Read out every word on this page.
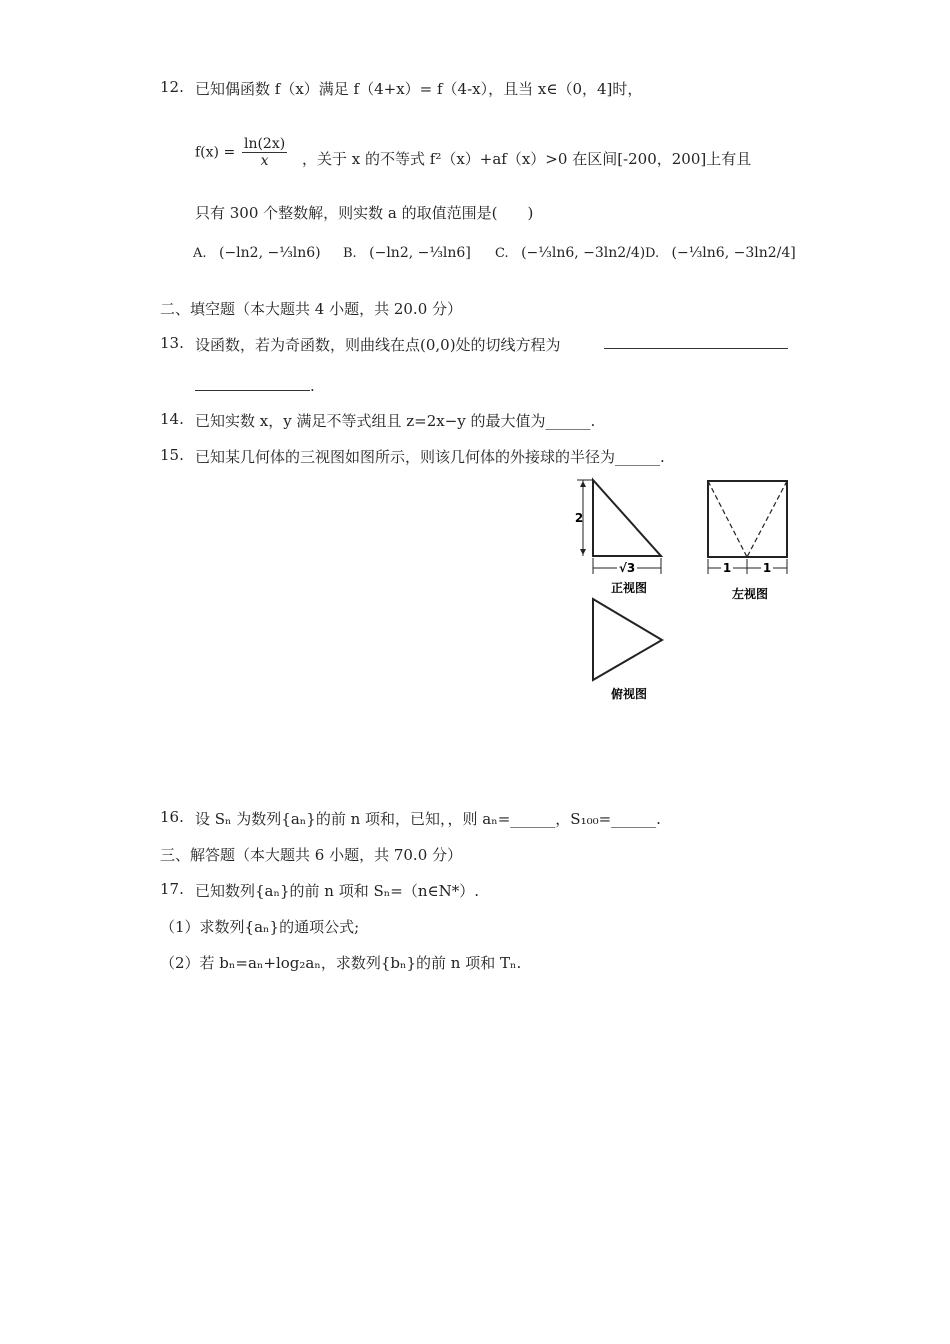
12. 已知偶函数 f（x）满足 f（4+x）= f（4-x），且当 x∈（0，4]时，
$f(x) = \frac{\ln(2x)}{x}$ ，关于 x 的不等式 f²（x）+af（x）>0 在区间[-200，200]上有且
只有 300 个整数解，则实数 a 的取值范围是(　　)
A. (−ln2, −⅓ln6) B. (−ln2, −⅓ln6] C. (−⅓ln6, −3ln2/4) D. (−⅓ln6, −3ln2/4]
二、填空题（本大题共 4 小题，共 20.0 分）
13. 设函数，若为奇函数，则曲线在点(0,0)处的切线方程为
.
14. 已知实数 x，y 满足不等式组且 z=2x−y 的最大值为______.
15. 已知某几何体的三视图如图所示，则该几何体的外接球的半径为______.
2
√3
正视图
1	1
左视图
俯视图
16. 设 Sₙ 为数列{aₙ}的前 n 项和，已知，，则 aₙ=______，S₁₀₀=______.
三、解答题（本大题共 6 小题，共 70.0 分）
17. 已知数列{aₙ}的前 n 项和 Sₙ=（n∈N*）.
（1）求数列{aₙ}的通项公式;
（2）若 bₙ=aₙ+log₂aₙ，求数列{bₙ}的前 n 项和 Tₙ.
